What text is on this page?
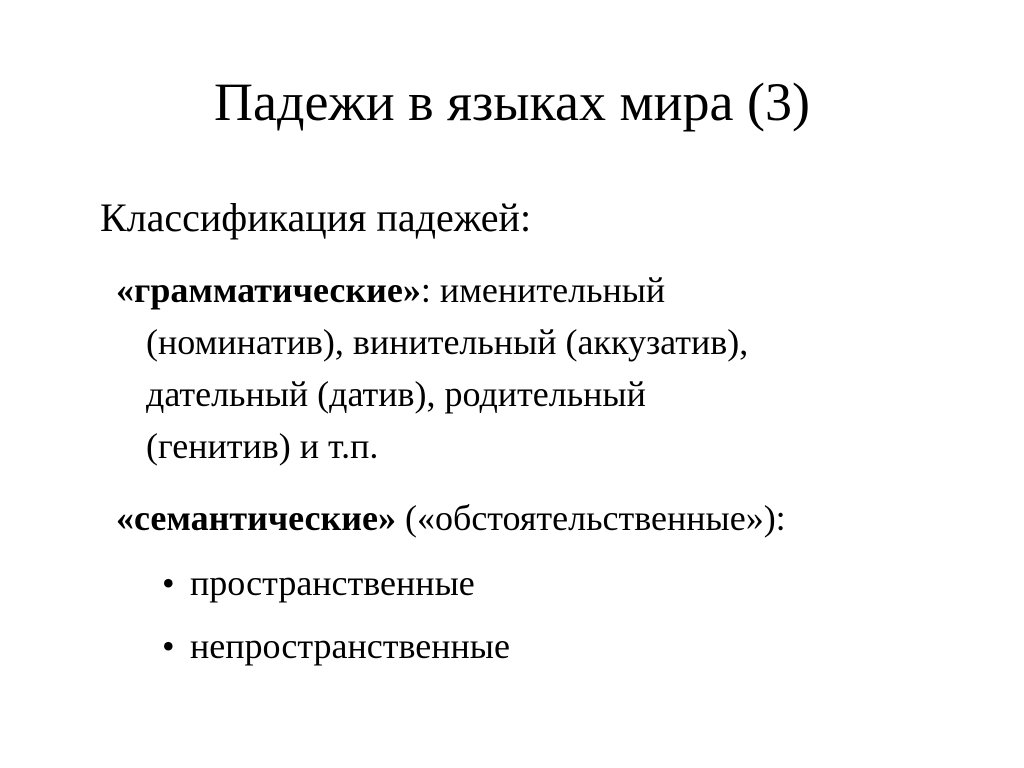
Падежи в языках мира (3)
Классификация падежей:
«грамматические»: именительный
(номинатив), винительный (аккузатив),
дательный (датив), родительный
(генитив) и т.п.
«семантические» («обстоятельственные»):
• пространственные
• непространственные
